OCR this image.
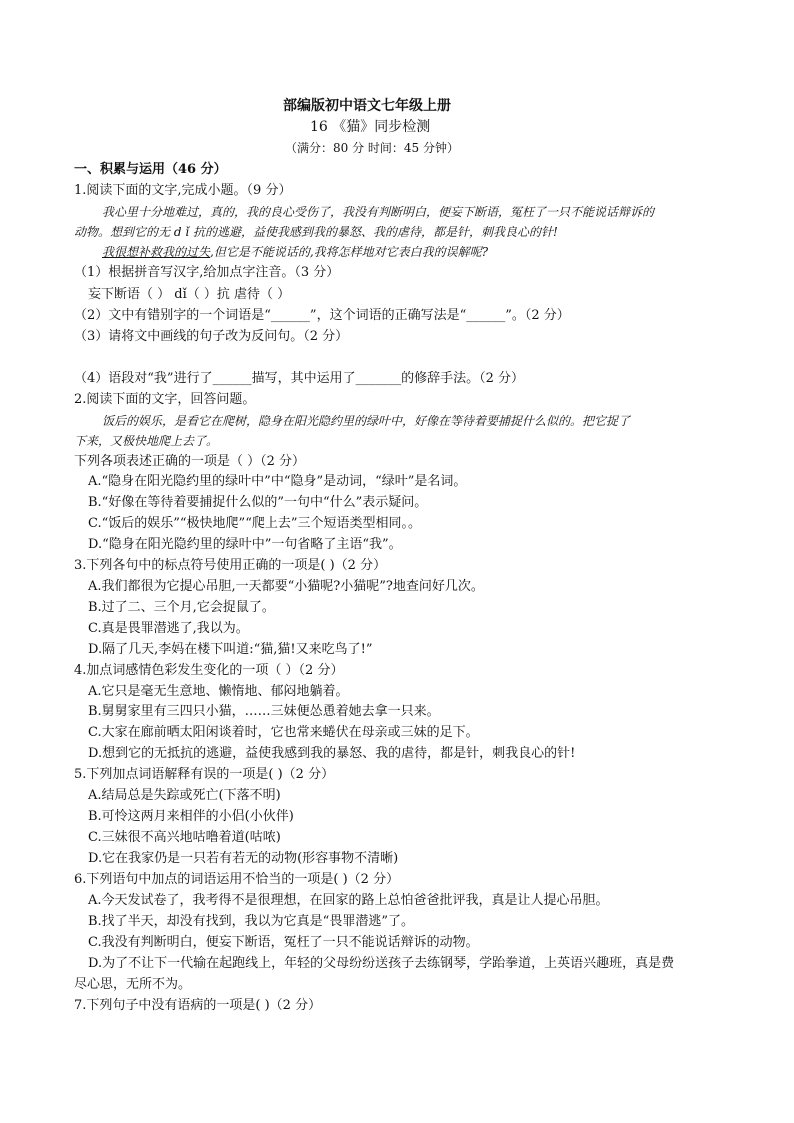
部编版初中语文七年级上册
16 《猫》同步检测
（满分：80 分 时间：45 分钟）
一、积累与运用（46 分）
1.阅读下面的文字,完成小题。（9 分）
我心里十分地难过，真的，我的良心受伤了，我没有判断明白，便妄下断语，冤枉了一只不能说话辩诉的
动物。想到它的无 d ǐ 抗的逃避，益使我感到我的暴怒、我的虐待，都是针，刺我良心的针!
我很想补救我的过失,但它是不能说话的,我将怎样地对它表白我的误解呢?
（1）根据拼音写汉字,给加点字注音。（3 分）
妄下断语（ ） dǐ（ ）抗 虐待（ ）
（2）文中有错别字的一个词语是“______”，这个词语的正确写法是“______”。（2 分）
（3）请将文中画线的句子改为反问句。（2 分）
（4）语段对“我”进行了______描写，其中运用了_______的修辞手法。（2 分）
2.阅读下面的文字，回答问题。
饭后的娱乐，是看它在爬树，隐身在阳光隐约里的绿叶中，好像在等待着要捕捉什么似的。把它捉了
下来，又极快地爬上去了。
下列各项表述正确的一项是（ ）（2 分）
A.“隐身在阳光隐约里的绿叶中”中“隐身”是动词，“绿叶”是名词。
B.“好像在等待着要捕捉什么似的”一句中“什么”表示疑问。
C.“饭后的娱乐”“极快地爬”“爬上去”三个短语类型相同。。
D.“隐身在阳光隐约里的绿叶中”一句省略了主语“我”。
3.下列各句中的标点符号使用正确的一项是( )（2 分）
A.我们都很为它提心吊胆,一天都要“小猫呢?小猫呢”?地查问好几次。
B.过了二、三个月,它会捉鼠了。
C.真是畏罪潜逃了,我以为。
D.隔了几天,李妈在楼下叫道:“猫,猫!又来吃鸟了!”
4.加点词感情色彩发生变化的一项（ ）（2 分）
A.它只是毫无生意地、懒惰地、郁闷地躺着。
B.舅舅家里有三四只小猫，……三妹便怂恿着她去拿一只来。
C.大家在廊前晒太阳闲谈着时，它也常来蜷伏在母亲或三妹的足下。
D.想到它的无抵抗的逃避，益使我感到我的暴怒、我的虐待，都是针，刺我良心的针!
5.下列加点词语解释有误的一项是( )（2 分）
A.结局总是失踪或死亡(下落不明)
B.可怜这两月来相伴的小侣(小伙伴)
C.三妹很不高兴地咕噜着道(咕哝)
D.它在我家仍是一只若有若无的动物(形容事物不清晰)
6.下列语句中加点的词语运用不恰当的一项是( )（2 分）
A.今天发试卷了，我考得不是很理想，在回家的路上总怕爸爸批评我，真是让人提心吊胆。
B.找了半天，却没有找到，我以为它真是“畏罪潜逃”了。
C.我没有判断明白，便妄下断语，冤枉了一只不能说话辩诉的动物。
D.为了不让下一代输在起跑线上，年轻的父母纷纷送孩子去练钢琴，学跆拳道，上英语兴趣班，真是费
尽心思，无所不为。
7.下列句子中没有语病的一项是( )（2 分）
